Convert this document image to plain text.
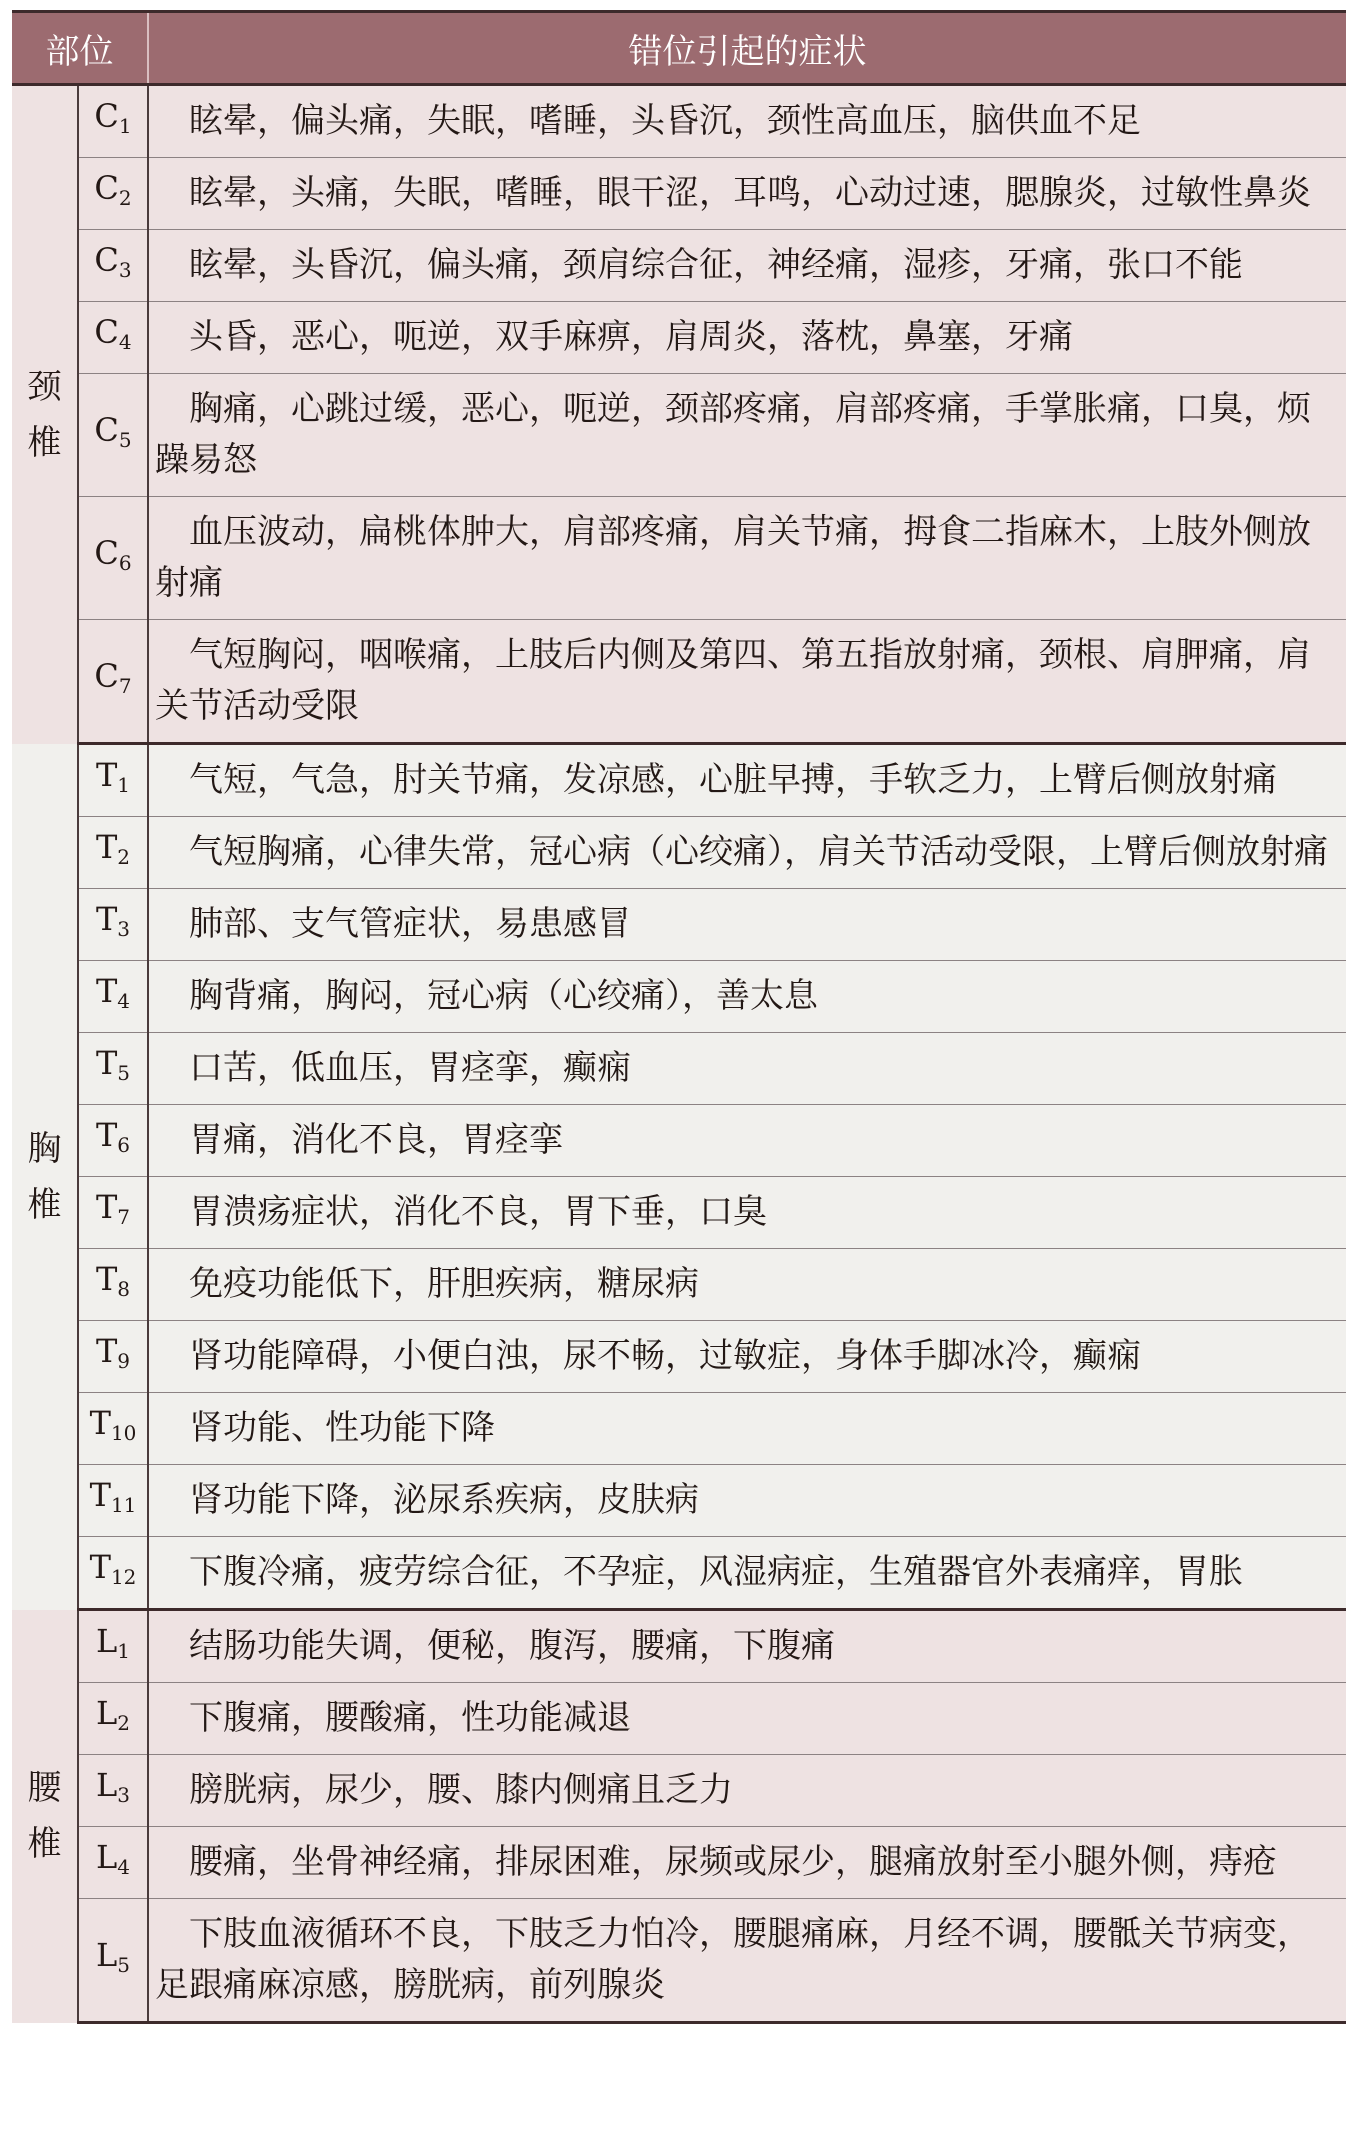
部位		错位引起的症状

颈
椎	$C_1$	眩晕，偏头痛，失眠，嗜睡，头昏沉，颈性高血压，脑供血不足
	$C_2$	眩晕，头痛，失眠，嗜睡，眼干涩，耳鸣，心动过速，腮腺炎，过敏性鼻炎
	$C_3$	眩晕，头昏沉，偏头痛，颈肩综合征，神经痛，湿疹，牙痛，张口不能
	$C_4$	头昏，恶心，呃逆，双手麻痹，肩周炎，落枕，鼻塞，牙痛
	$C_5$	胸痛，心跳过缓，恶心，呃逆，颈部疼痛，肩部疼痛，手掌胀痛，口臭，烦躁易怒
	$C_6$	血压波动，扁桃体肿大，肩部疼痛，肩关节痛，拇食二指麻木，上肢外侧放射痛
	$C_7$	气短胸闷，咽喉痛，上肢后内侧及第四、第五指放射痛，颈根、肩胛痛，肩关节活动受限

胸
椎	$T_1$	气短，气急，肘关节痛，发凉感，心脏早搏，手软乏力，上臂后侧放射痛
	$T_2$	气短胸痛，心律失常，冠心病（心绞痛），肩关节活动受限，上臂后侧放射痛
	$T_3$	肺部、支气管症状，易患感冒
	$T_4$	胸背痛，胸闷，冠心病（心绞痛），善太息
	$T_5$	口苦，低血压，胃痉挛，癫痫
	$T_6$	胃痛，消化不良，胃痉挛
	$T_7$	胃溃疡症状，消化不良，胃下垂，口臭
	$T_8$	免疫功能低下，肝胆疾病，糖尿病
	$T_9$	肾功能障碍，小便白浊，尿不畅，过敏症，身体手脚冰冷，癫痫
	$T_{10}$	肾功能、性功能下降
	$T_{11}$	肾功能下降，泌尿系疾病，皮肤病
	$T_{12}$	下腹冷痛，疲劳综合征，不孕症，风湿病症，生殖器官外表痛痒，胃胀

腰
椎	$L_1$	结肠功能失调，便秘，腹泻，腰痛，下腹痛
	$L_2$	下腹痛，腰酸痛，性功能减退
	$L_3$	膀胱病，尿少，腰、膝内侧痛且乏力
	$L_4$	腰痛，坐骨神经痛，排尿困难，尿频或尿少，腿痛放射至小腿外侧，痔疮
	$L_5$	下肢血液循环不良，下肢乏力怕冷，腰腿痛麻，月经不调，腰骶关节病变，足跟痛麻凉感，膀胱病，前列腺炎
